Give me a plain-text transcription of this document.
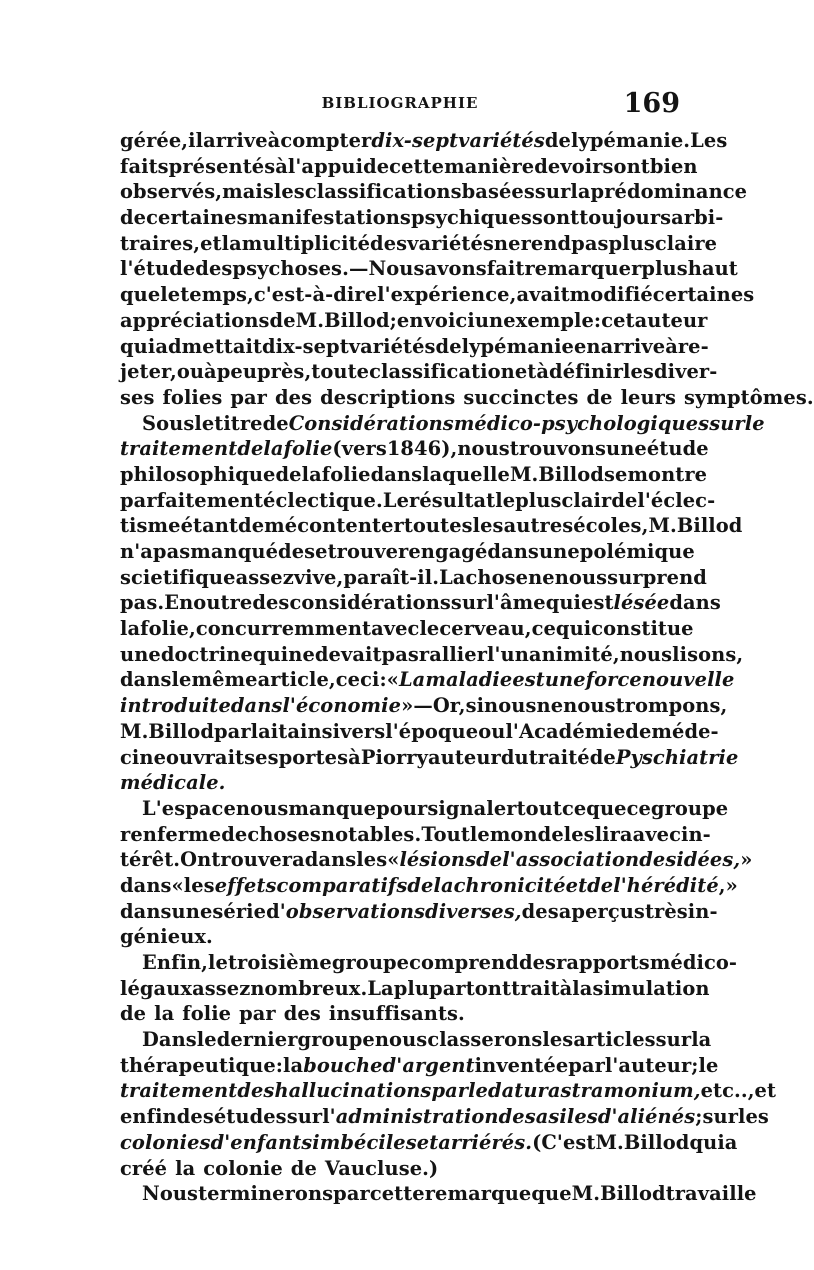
BIBLIOGRAPHIE	169
gérée, il arrive à compterdix-sept variétés de lypémanie. Les
faits présentés à l'appui de cette manière de voir sont bien
observés, mais les classifications basées sur la prédominance
de certaines manifestations psychiques sont toujours arbi-
traires, et la multiplicité des variétés ne rend pas plus claire
l'étude des psychoses. — Nous avons fait remarquer plus haut
que le temps, c'est-à-dire l'expérience, avait modifié certaines
appréciations de M. Billod; en voici un exemple: cet auteur
qui admettait dix-sept variétés de lypémanie en arrive à re-
jeter, ou à peu près, toute classification et à définir les diver-
ses folies par des descriptions succinctes de leurs symptômes.
Sous le titre deConsidérations médico-psychologiques sur le
traitement de la folie (vers 1846), nous trouvons une étude
philosophique de la folie dans laquelle M. Billod se montre
parfaitement éclectique. Le résultat le plus clair de l'éclec-
tisme étant de mécontenter toutes les autres écoles, M. Billod
n'a pas manqué de se trouver engagé dans une polémique
scietifique assez vive, paraît-il. La chose ne nous surprend
pas. En outre des considérations sur l'âme qui estlésée dans
la folie, concurremment avec le cerveau, ce qui constitue
une doctrine qui ne devait pas rallier l'unanimité, nous lisons,
dans le même article, ceci: «La maladie est une force nouvelle
introduite dans l'économie » — Or, si nous ne nous trompons,
M. Billod parlait ainsi vers l'époque ou l'Académie de méde-
cine ouvrait ses portes à Piorry auteur du traité dePyschiatrie
médicale.
L'espace nous manque pour signaler tout ce que ce groupe
renferme de choses notables. Tout le monde les lira avec in-
térêt. On trouvera dans les «lésions de l'association des idées, »
dans « leseffets comparatifs de la chronicité et de l'hérédité , »
dans une série d'observations diverses, des aperçus très in-
génieux.
Enfin, le troisième groupe comprend des rapports médico-
légaux assez nombreux. La plupart ont trait à la simulation
de la folie par des insuffisants.
Dans le dernier groupe nous classerons les articles sur la
thérapeutique : labouche d'argent inventée par l'auteur; le
traitement des hallucinations par le datura stramonium, etc.., et
enfin des études sur l'administration des asiles d'aliénés; sur les
colonies d'enfants imbéciles et arriérés. (C'est M. Billod qui a
créé la colonie de Vaucluse.)
Nous terminerons par cette remarque que M. Billod travaille
